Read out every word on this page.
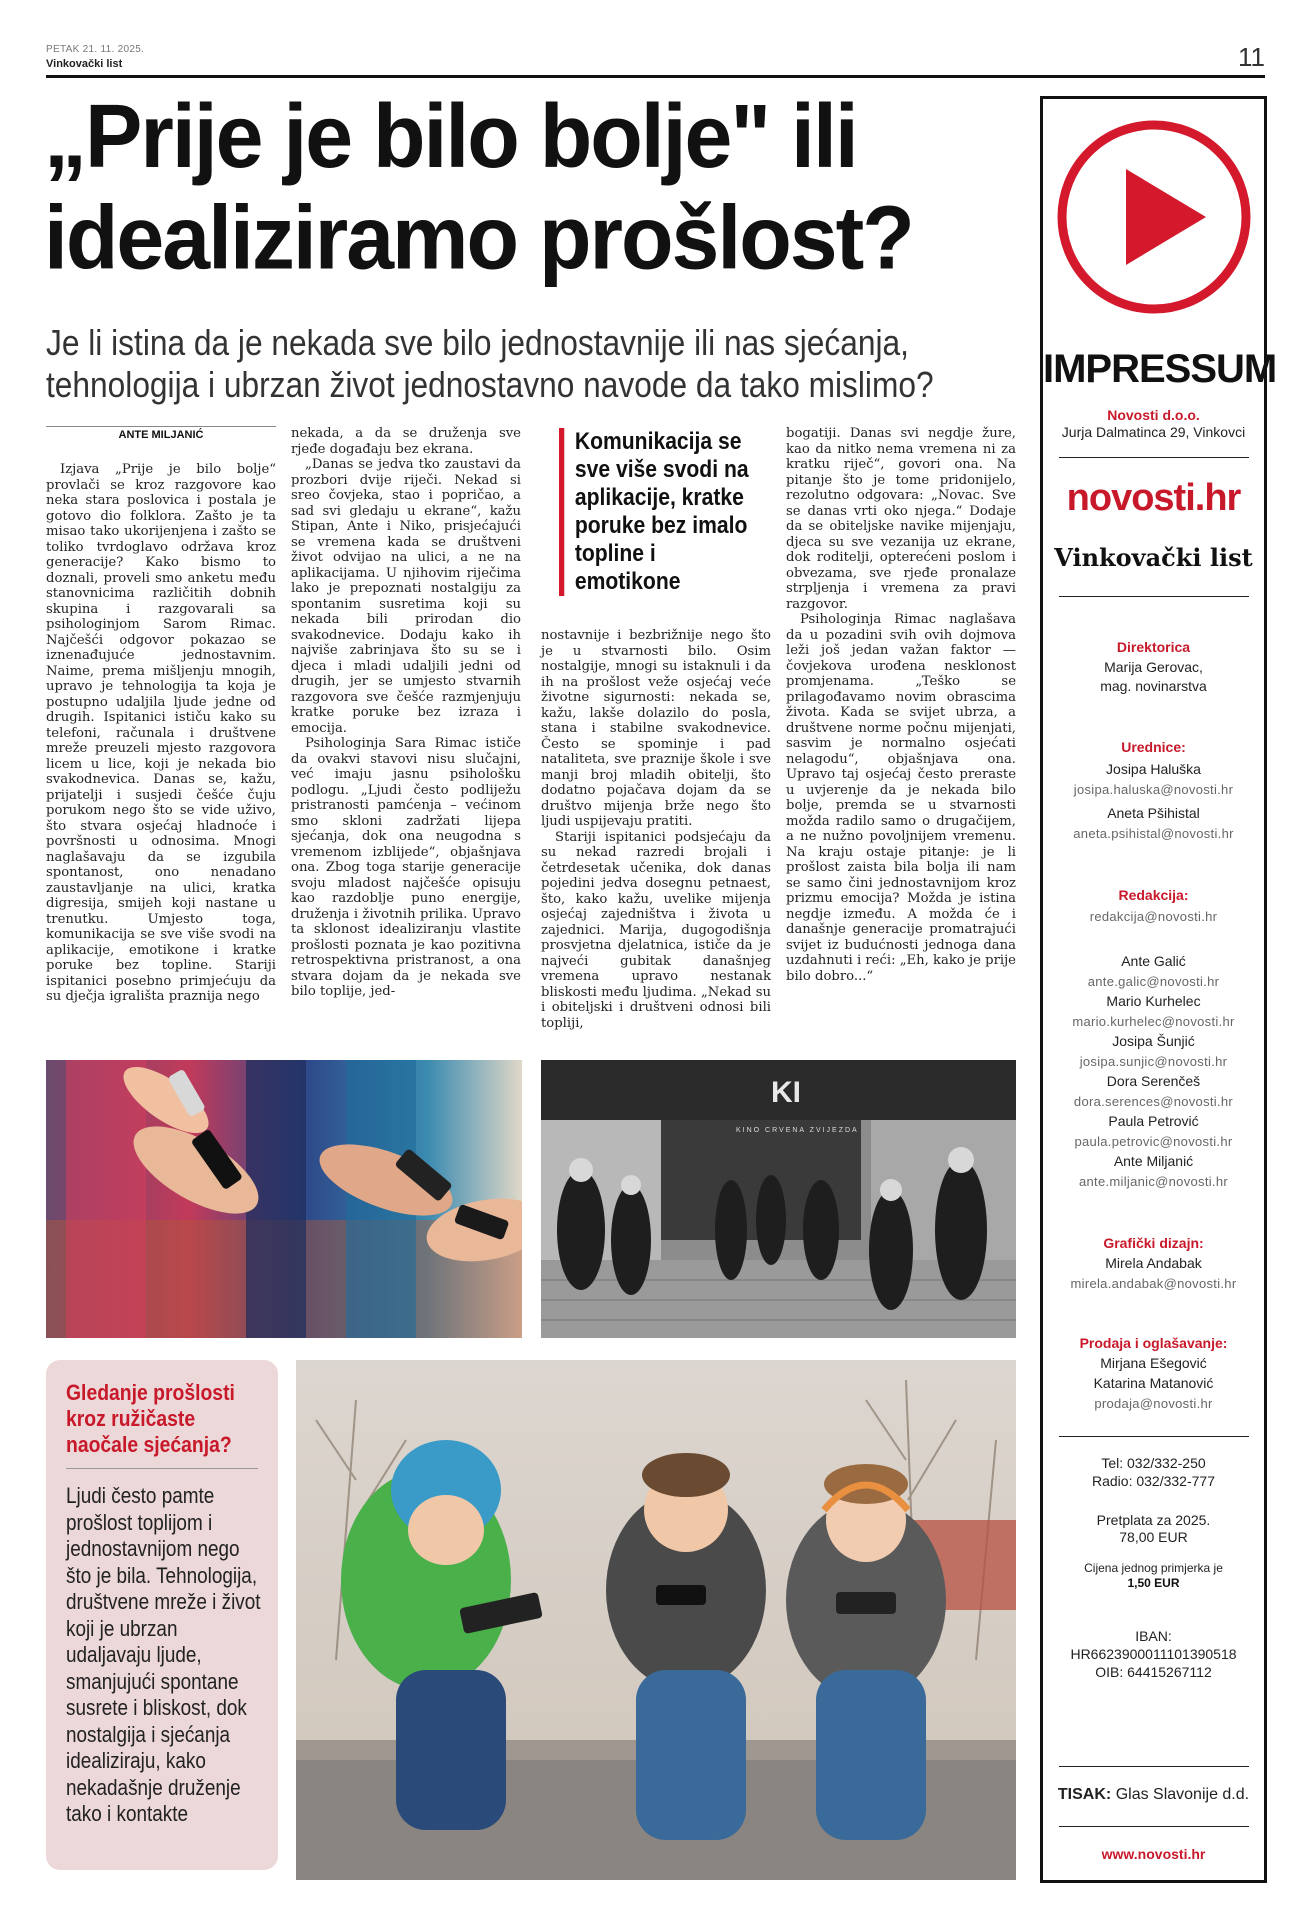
PETAK 21. 11. 2025.
Vinkovački list	11
„Prije je bilo bolje" ili
idealiziramo prošlost?
Je li istina da je nekada sve bilo jednostavnije ili nas sjećanja,
tehnologija i ubrzan život jednostavno navode da tako mislimo?
ANTE MILJANIĆ

Izjava „Prije je bilo bolje“ provlači se kroz razgovore kao neka stara poslovica i postala je gotovo dio folklora. Zašto je ta misao tako ukorijenjena i zašto se toliko tvrdoglavo održava kroz generacije? Kako bismo to doznali, proveli smo anketu među stanovnicima različitih dobnih skupina i razgovarali sa psihologinjom Sarom Rimac. Najčešći odgovor pokazao se iznenađujuće jednostavnim. Naime, prema mišljenju mnogih, upravo je tehnologija ta koja je postupno udaljila ljude jedne od drugih. Ispitanici ističu kako su telefoni, računala i društvene mreže preuzeli mjesto razgovora licem u lice, koji je nekada bio svakodnevica. Danas se, kažu, prijatelji i susjedi češće čuju porukom nego što se vide uživo, što stvara osjećaj hladnoće i površnosti u odnosima. Mnogi naglašavaju da se izgubila spontanost, ono nenadano zaustavljanje na ulici, kratka digresija, smijeh koji nastane u trenutku. Umjesto toga, komunikacija se sve više svodi na aplikacije, emotikone i kratke poruke bez topline. Stariji ispitanici posebno primjećuju da su dječja igrališta praznija nego

nekada, a da se druženja sve rjeđe događaju bez ekrana.

„Danas se jedva tko zaustavi da prozbori dvije riječi. Nekad si sreo čovjeka, stao i popričao, a sad svi gledaju u ekrane“, kažu Stipan, Ante i Niko, prisjećajući se vremena kada se društveni život odvijao na ulici, a ne na aplikacijama. U njihovim riječima lako je prepoznati nostalgiju za spontanim susretima koji su nekada bili prirodan dio svakodnevice. Dodaju kako ih najviše zabrinjava što su se i djeca i mladi udaljili jedni od drugih, jer se umjesto stvarnih razgovora sve češće razmjenjuju kratke poruke bez izraza i emocija.

Psihologinja Sara Rimac ističe da ovakvi stavovi nisu slučajni, već imaju jasnu psihološku podlogu. „Ljudi često podliježu pristranosti pamćenja – većinom smo skloni zadržati lijepa sjećanja, dok ona neugodna s vremenom izblijede“, objašnjava ona. Zbog toga starije generacije svoju mladost najčešće opisuju kao razdoblje puno energije, druženja i životnih prilika. Upravo ta sklonost idealiziranju vlastite prošlosti poznata je kao pozitivna retrospektivna pristranost, a ona stvara dojam da je nekada sve bilo toplije, jed-

Komunikacija se sve više svodi na aplikacije, kratke poruke bez imalo topline i emotikone

nostavnije i bezbrižnije nego što je u stvarnosti bilo. Osim nostalgije, mnogi su istaknuli i da ih na prošlost veže osjećaj veće životne sigurnosti: nekada se, kažu, lakše dolazilo do posla, stana i stabilne svakodnevice. Često se spominje i pad nataliteta, sve praznije škole i sve manji broj mladih obitelji, što dodatno pojačava dojam da se društvo mijenja brže nego što ljudi uspijevaju pratiti.

Stariji ispitanici podsjećaju da su nekad razredi brojali i četrdesetak učenika, dok danas pojedini jedva dosegnu petnaest, što, kako kažu, uvelike mijenja osjećaj zajedništva i života u zajednici. Marija, dugogodišnja prosvjetna djelatnica, ističe da je najveći gubitak današnjeg vremena upravo nestanak bliskosti među ljudima. „Nekad su i obiteljski i društveni odnosi bili topliji,

bogatiji. Danas svi negdje žure, kao da nitko nema vremena ni za kratku riječ“, govori ona. Na pitanje što je tome pridonijelo, rezolutno odgovara: „Novac. Sve se danas vrti oko njega.“ Dodaje da se obiteljske navike mijenjaju, djeca su sve vezanija uz ekrane, dok roditelji, opterećeni poslom i obvezama, sve rjeđe pronalaze strpljenja i vremena za pravi razgovor.

Psihologinja Rimac naglašava da u pozadini svih ovih dojmova leži još jedan važan faktor — čovjekova urođena nesklonost promjenama. „Teško se prilagođavamo novim obrascima života. Kada se svijet ubrza, a društvene norme počnu mijenjati, sasvim je normalno osjećati nelagodu“, objašnjava ona. Upravo taj osjećaj često preraste u uvjerenje da je nekada bilo bolje, premda se u stvarnosti možda radilo samo o drugačijem, a ne nužno povoljnijem vremenu. Na kraju ostaje pitanje: je li prošlost zaista bila bolja ili nam se samo čini jednostavnijom kroz prizmu emocija? Možda je istina negdje između. A možda će i današnje generacije promatrajući svijet iz budućnosti jednoga dana uzdahnuti i reći: „Eh, kako je prije bilo dobro...“

KI
KINO CRVENA ZVIJEZDA
Gledanje prošlosti kroz ružičaste naočale sjećanja?

Ljudi često pamte prošlost toplijom i jednostavnijom nego što je bila. Tehnologija, društvene mreže i život koji je ubrzan udaljavaju ljude, smanjujući spontane susrete i bliskost, dok nostalgija i sjećanja idealiziraju, kako nekadašnje druženje tako i kontakte

IMPRESSUM
Novosti d.o.o.
Jurja Dalmatinca 29, Vinkovci
novosti.hr
Vinkovački list
Direktorica
Marija Gerovac,
mag. novinarstva
Urednice:
Josipa Haluška
josipa.haluska@novosti.hr
Aneta Pšihistal
aneta.psihistal@novosti.hr
Redakcija:
redakcija@novosti.hr
Ante Galić
ante.galic@novosti.hr
Mario Kurhelec
mario.kurhelec@novosti.hr
Josipa Šunjić
josipa.sunjic@novosti.hr
Dora Serenčeš
dora.serences@novosti.hr
Paula Petrović
paula.petrovic@novosti.hr
Ante Miljanić
ante.miljanic@novosti.hr
Grafički dizajn:
Mirela Andabak
mirela.andabak@novosti.hr
Prodaja i oglašavanje:
Mirjana Ešegović
Katarina Matanović
prodaja@novosti.hr
Tel: 032/332-250
Radio: 032/332-777
Pretplata za 2025.
78,00 EUR
Cijena jednog primjerka je
1,50 EUR
IBAN:
HR6623900011101390518
OIB: 64415267112
TISAK: Glas Slavonije d.d.
www.novosti.hr
